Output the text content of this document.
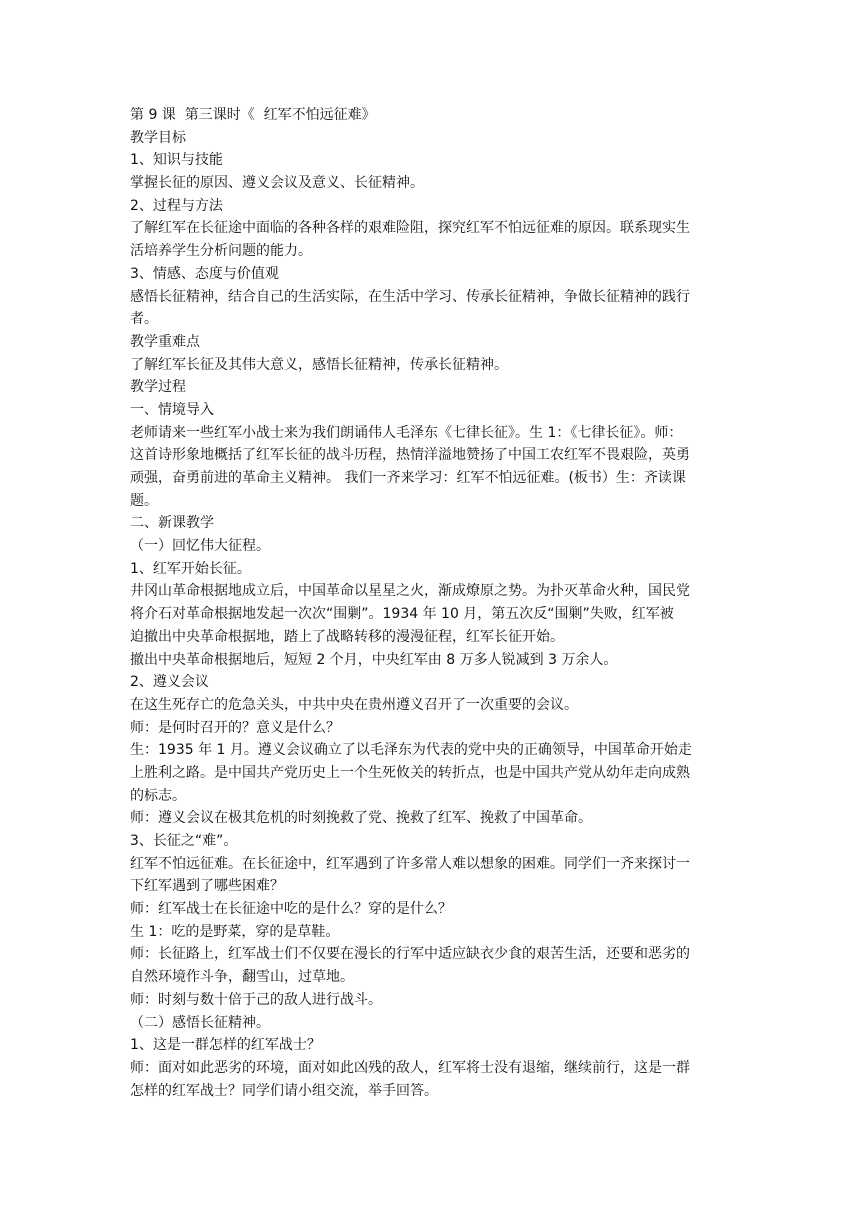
第 9 课  第三课时《  红军不怕远征难》
教学目标
1、知识与技能
掌握长征的原因、遵义会议及意义、长征精神。
2、过程与方法
了解红军在长征途中面临的各种各样的艰难险阻，探究红军不怕远征难的原因。联系现实生
活培养学生分析问题的能力。
3、情感、态度与价值观
感悟长征精神，结合自己的生活实际，在生活中学习、传承长征精神，争做长征精神的践行
者。
教学重难点
了解红军长征及其伟大意义，感悟长征精神，传承长征精神。
教学过程
一、情境导入
老师请来一些红军小战士来为我们朗诵伟人毛泽东《七律长征》。生 1：《七律长征》。师：
这首诗形象地概括了红军长征的战斗历程，热情洋溢地赞扬了中国工农红军不畏艰险，英勇
顽强，奋勇前进的革命主义精神。 我们一齐来学习：红军不怕远征难。(板书）生：齐读课
题。
二、新课教学
（一）回忆伟大征程。
1、红军开始长征。
井冈山革命根据地成立后，中国革命以星星之火，渐成燎原之势。为扑灭革命火种，国民党
将介石对革命根据地发起一次次“围剿”。1934 年 10 月，第五次反“围剿”失败，红军被
迫撤出中央革命根据地，踏上了战略转移的漫漫征程，红军长征开始。
撤出中央革命根据地后，短短 2 个月，中央红军由 8 万多人锐减到 3 万余人。
2、遵义会议
在这生死存亡的危急关头，中共中央在贵州遵义召开了一次重要的会议。
师：是何时召开的？意义是什么？
生：1935 年 1 月。遵义会议确立了以毛泽东为代表的党中央的正确领导，中国革命开始走
上胜利之路。是中国共产党历史上一个生死攸关的转折点，也是中国共产党从幼年走向成熟
的标志。
师：遵义会议在极其危机的时刻挽救了党、挽救了红军、挽救了中国革命。
3、长征之“难”。
红军不怕远征难。在长征途中，红军遇到了许多常人难以想象的困难。同学们一齐来探讨一
下红军遇到了哪些困难？
师：红军战士在长征途中吃的是什么？穿的是什么？
生 1：吃的是野菜，穿的是草鞋。
师：长征路上，红军战士们不仅要在漫长的行军中适应缺衣少食的艰苦生活，还要和恶劣的
自然环境作斗争，翻雪山，过草地。
师：时刻与数十倍于己的敌人进行战斗。
（二）感悟长征精神。
1、这是一群怎样的红军战士？
师：面对如此恶劣的环境，面对如此凶残的敌人，红军将士没有退缩，继续前行，这是一群
怎样的红军战士？同学们请小组交流，举手回答。
